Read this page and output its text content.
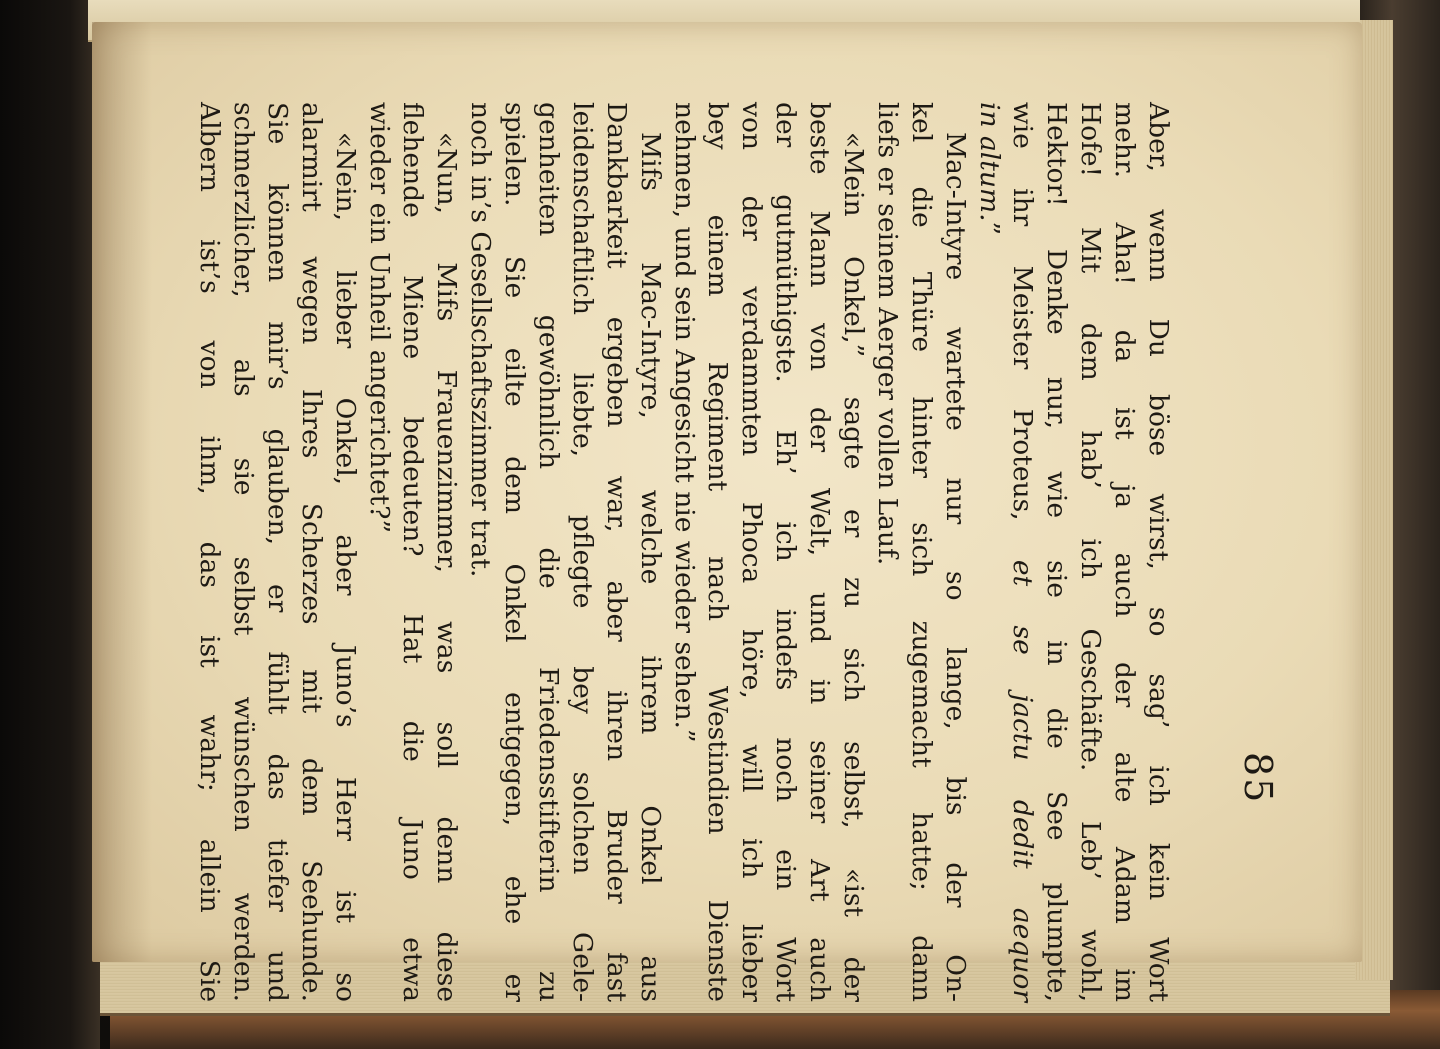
85
Aber, wenn Du böse wirst, so sag’ ich kein Wort
mehr. Aha! da ist ja auch der alte Adam im
Hofe! Mit dem hab’ ich Geschäfte. Leb’ wohl,
Hektor! Denke nur, wie sie in die See plumpte,
wie ihr Meister Proteus, et se jactu dedit aequor
in altum.”
Mac-Intyre wartete nur so lange, bis der On-
kel die Thüre hinter sich zugemacht hatte; dann
liefs er seinem Aerger vollen Lauf.
«Mein Onkel,” sagte er zu sich selbst, «ist der
beste Mann von der Welt, und in seiner Art auch
der gutmüthigste. Eh’ ich indefs noch ein Wort
von der verdammten Phoca höre, will ich lieber
bey einem Regiment nach Westindien Dienste
nehmen, und sein Angesicht nie wieder sehen.”
Mifs Mac-Intyre, welche ihrem Onkel aus
Dankbarkeit ergeben war, aber ihren Bruder fast
leidenschaftlich liebte, pflegte bey solchen Gele-
genheiten gewöhnlich die Friedensstifterin zu
spielen. Sie eilte dem Onkel entgegen, ehe er
noch in’s Gesellschaftszimmer trat.
«Nun, Mifs Frauenzimmer, was soll denn diese
flehende Miene bedeuten? Hat die Juno etwa
wieder ein Unheil angerichtet?”
«Nein, lieber Onkel, aber Juno’s Herr ist so
alarmirt wegen Ihres Scherzes mit dem Seehunde.
Sie können mir’s glauben, er fühlt das tiefer und
schmerzlicher, als sie selbst wünschen werden.
Albern ist’s von ihm, das ist wahr; allein Sie
